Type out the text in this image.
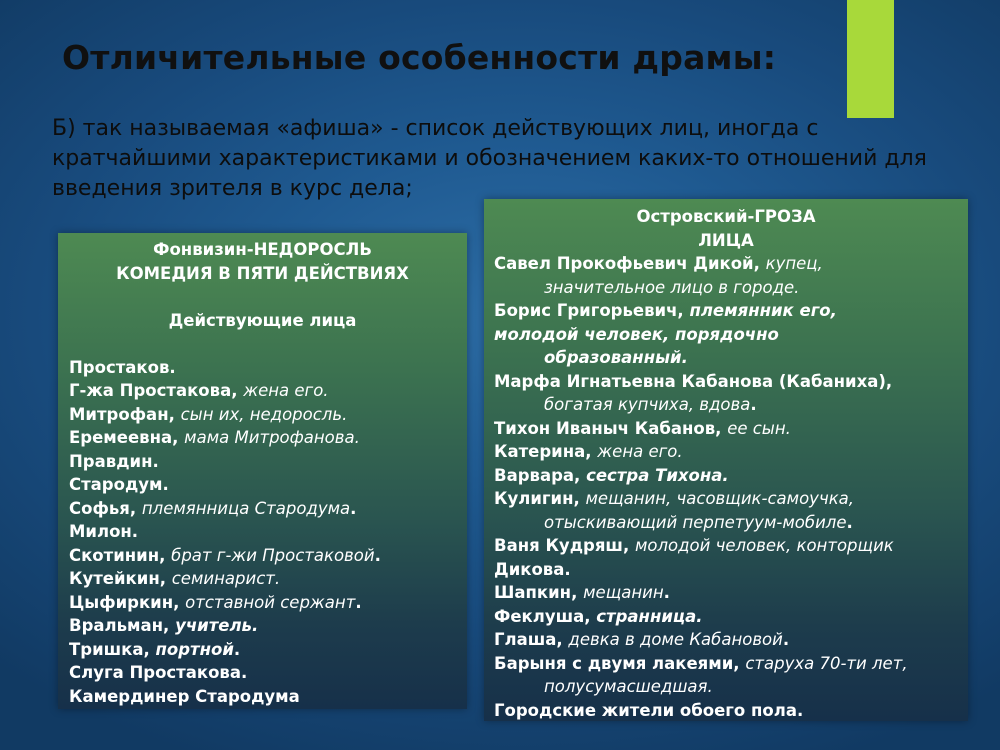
Отличительные особенности драмы:

Б) так называемая «афиша» - список действующих лиц, иногда с кратчайшими характеристиками и обозначением каких-то отношений для введения зрителя в курс дела;

Фонвизин-НЕДОРОСЛЬ
КОМЕДИЯ В ПЯТИ ДЕЙСТВИЯХ
Действующие лица
Простаков.
Г-жа Простакова, жена его.
Митрофан, сын их, недоросль.
Еремеевна, мама Митрофанова.
Правдин.
Стародум.
Софья, племянница Стародума.
Милон.
Скотинин, брат г-жи Простаковой.
Кутейкин, семинарист.
Цыфиркин, отставной сержант.
Вральман, учитель.
Тришка, портной.
Слуга Простакова.
Камердинер Стародума
Островский-ГРОЗА
ЛИЦА
Савел Прокофьевич Дикой, купец,
значительное лицо в городе.
Борис Григорьевич, племянник его,
молодой человек, порядочно
образованный.
Марфа Игнатьевна Кабанова (Кабаниха),
богатая купчиха, вдова.
Тихон Иваныч Кабанов, ее сын.
Катерина, жена его.
Варвара, сестра Тихона.
Кулигин, мещанин, часовщик-самоучка,
отыскивающий перпетуум-мобиле.
Ваня Кудряш, молодой человек, конторщик
Дикова.
Шапкин, мещанин.
Феклуша, странница.
Глаша, девка в доме Кабановой.
Барыня с двумя лакеями, старуха 70-ти лет,
полусумасшедшая.
Городские жители обоего пола.
